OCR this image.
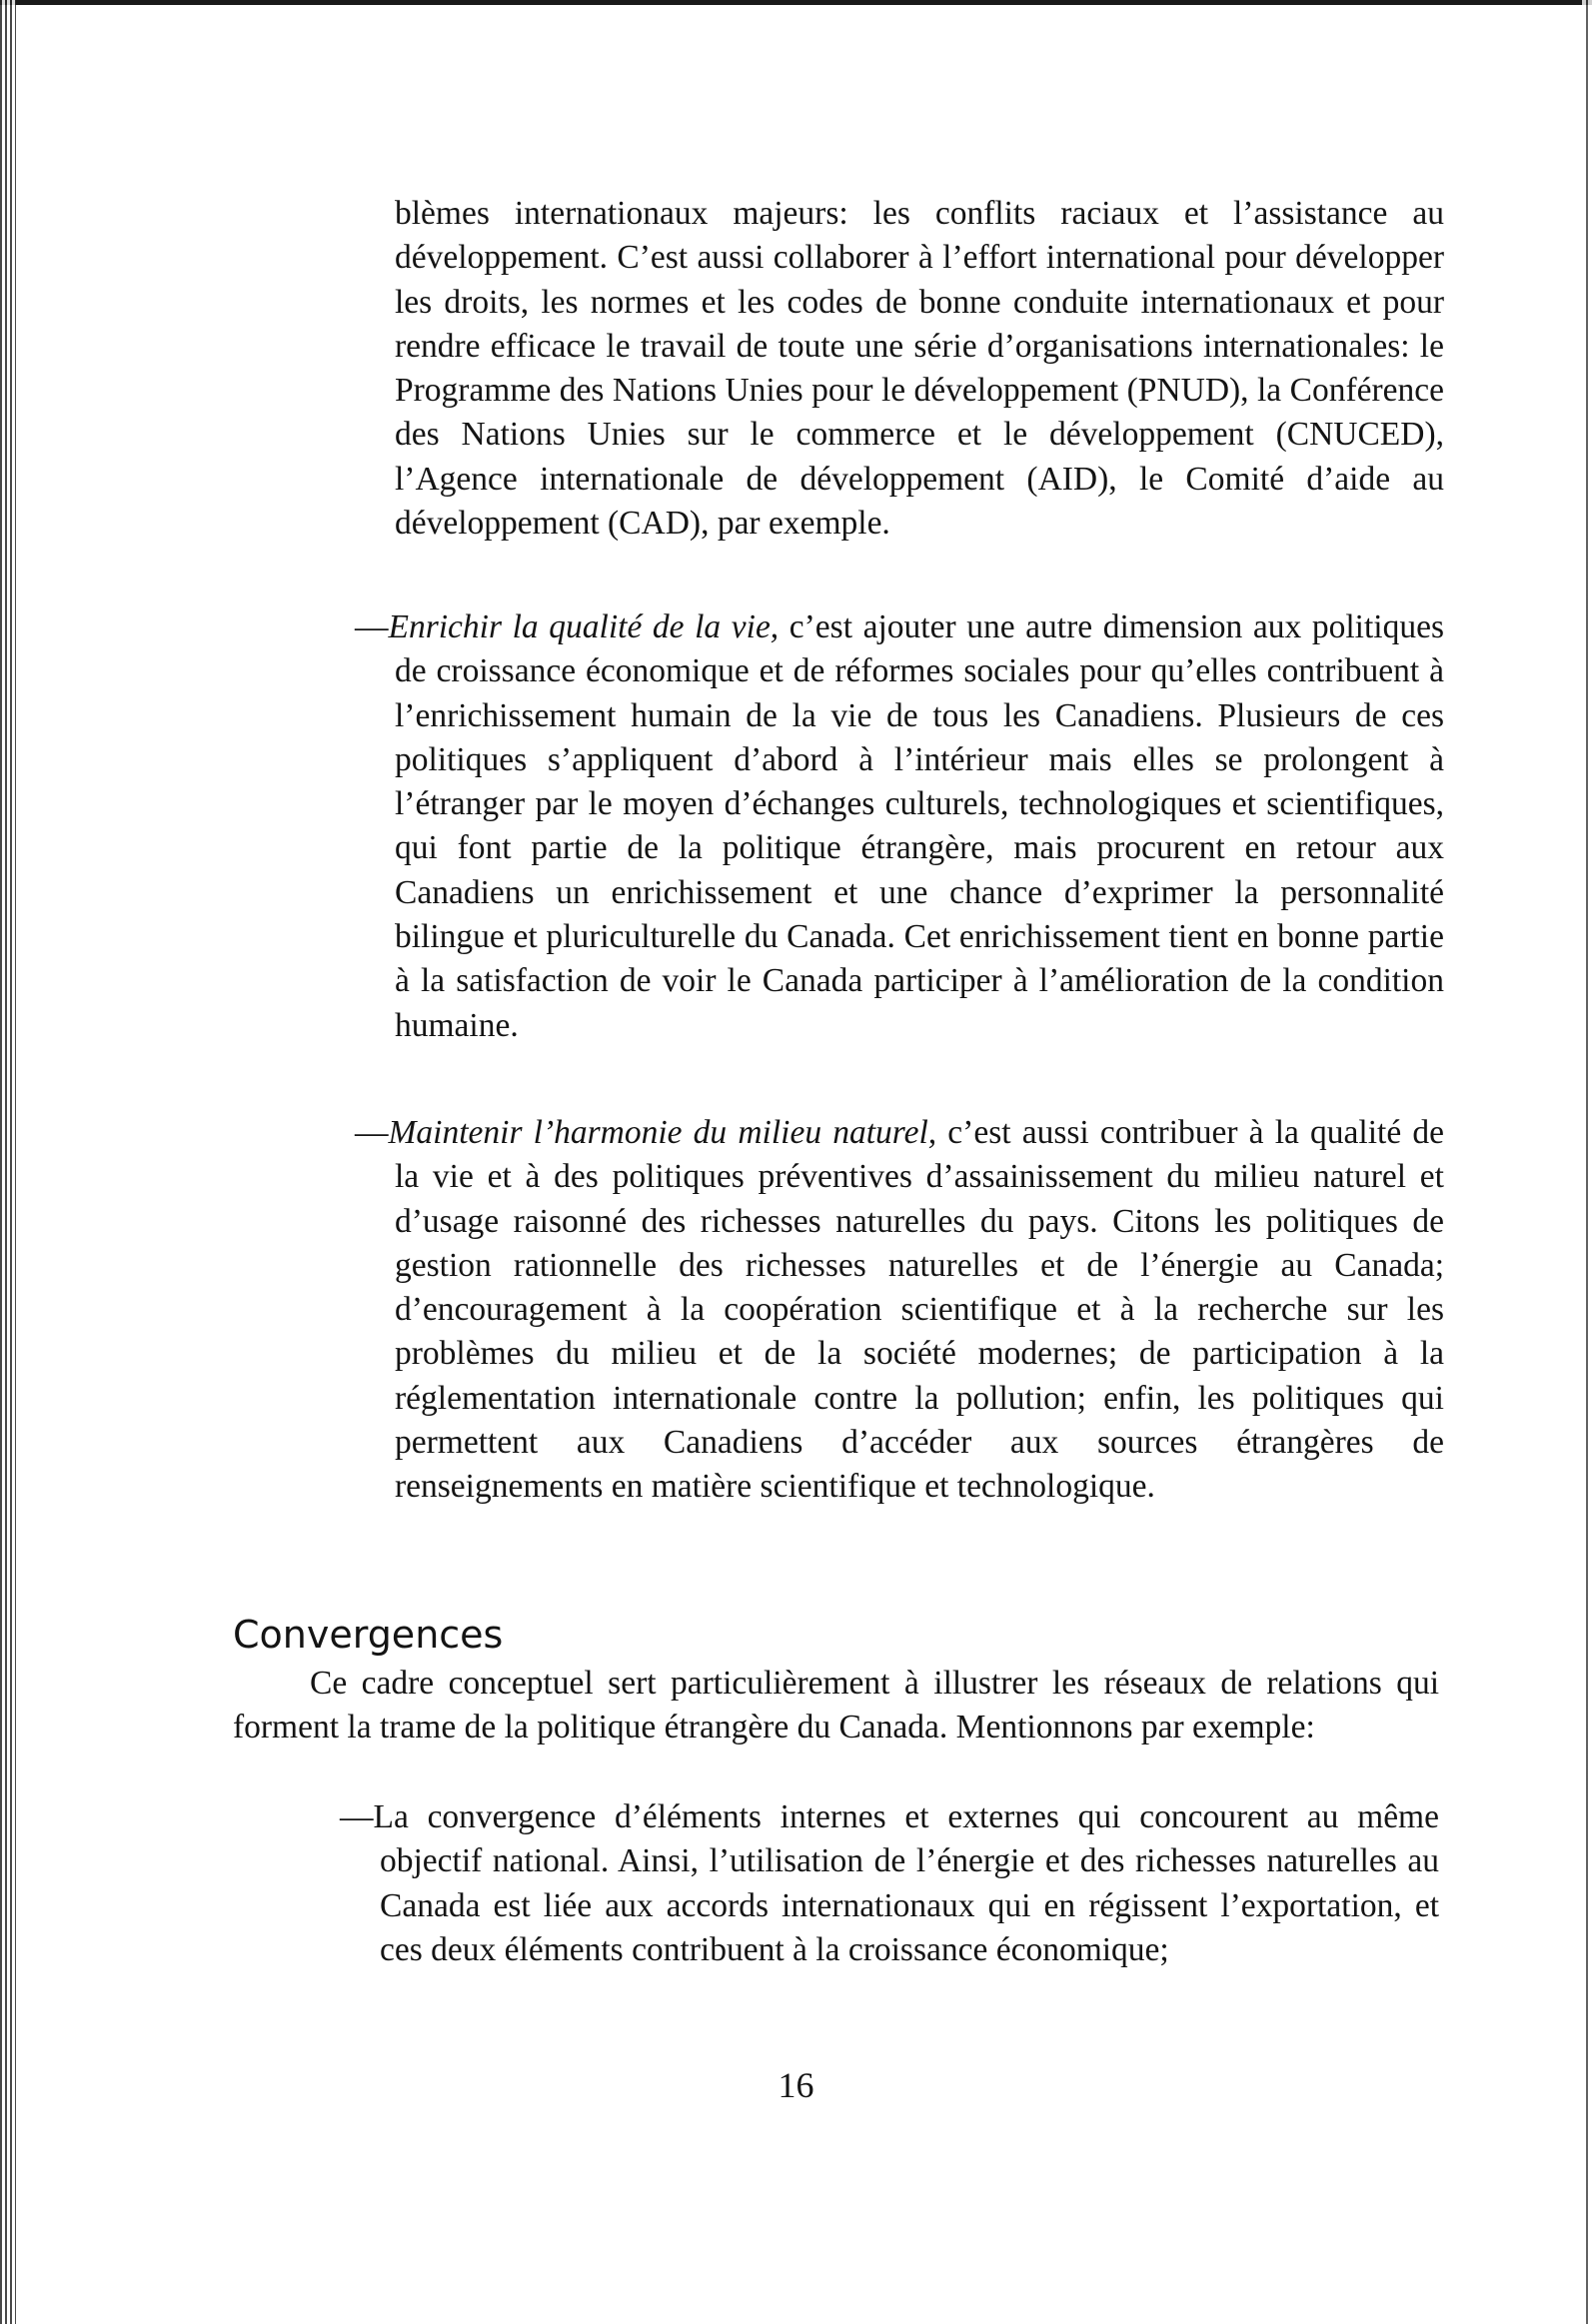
blèmes internationaux majeurs: les conflits raciaux et l’assistance au développement. C’est aussi collaborer à l’effort international pour développer les droits, les normes et les codes de bonne conduite internationaux et pour rendre efficace le travail de toute une série d’organisations internationales: le Programme des Nations Unies pour le développement (PNUD), la Conférence des Nations Unies sur le commerce et le développement (CNUCED), l’Agence internationale de développement (AID), le Comité d’aide au développement (CAD), par exemple.

—Enrichir la qualité de la vie, c’est ajouter une autre dimension aux politiques de croissance économique et de réformes sociales pour qu’elles contribuent à l’enrichissement humain de la vie de tous les Canadiens. Plusieurs de ces politiques s’appliquent d’abord à l’intérieur mais elles se prolongent à l’étranger par le moyen d’échanges culturels, technologiques et scientifiques, qui font partie de la politique étrangère, mais procurent en retour aux Canadiens un enrichissement et une chance d’exprimer la personnalité bilingue et pluriculturelle du Canada. Cet enrichissement tient en bonne partie à la satisfaction de voir le Canada participer à l’amélioration de la condition humaine.

—Maintenir l’harmonie du milieu naturel, c’est aussi contribuer à la qualité de la vie et à des politiques préventives d’assainissement du milieu naturel et d’usage raisonné des richesses naturelles du pays. Citons les politiques de gestion rationnelle des richesses naturelles et de l’énergie au Canada; d’encouragement à la coopération scientifique et à la recherche sur les problèmes du milieu et de la société modernes; de participation à la réglementation internationale contre la pollution; enfin, les politiques qui permettent aux Canadiens d’accéder aux sources étrangères de renseignements en matière scientifique et technologique.

Convergences

Ce cadre conceptuel sert particulièrement à illustrer les réseaux de relations qui forment la trame de la politique étrangère du Canada. Mentionnons par exemple:

—La convergence d’éléments internes et externes qui concourent au même objectif national. Ainsi, l’utilisation de l’énergie et des richesses naturelles au Canada est liée aux accords internationaux qui en régissent l’exportation, et ces deux éléments contribuent à la croissance économique;

16
